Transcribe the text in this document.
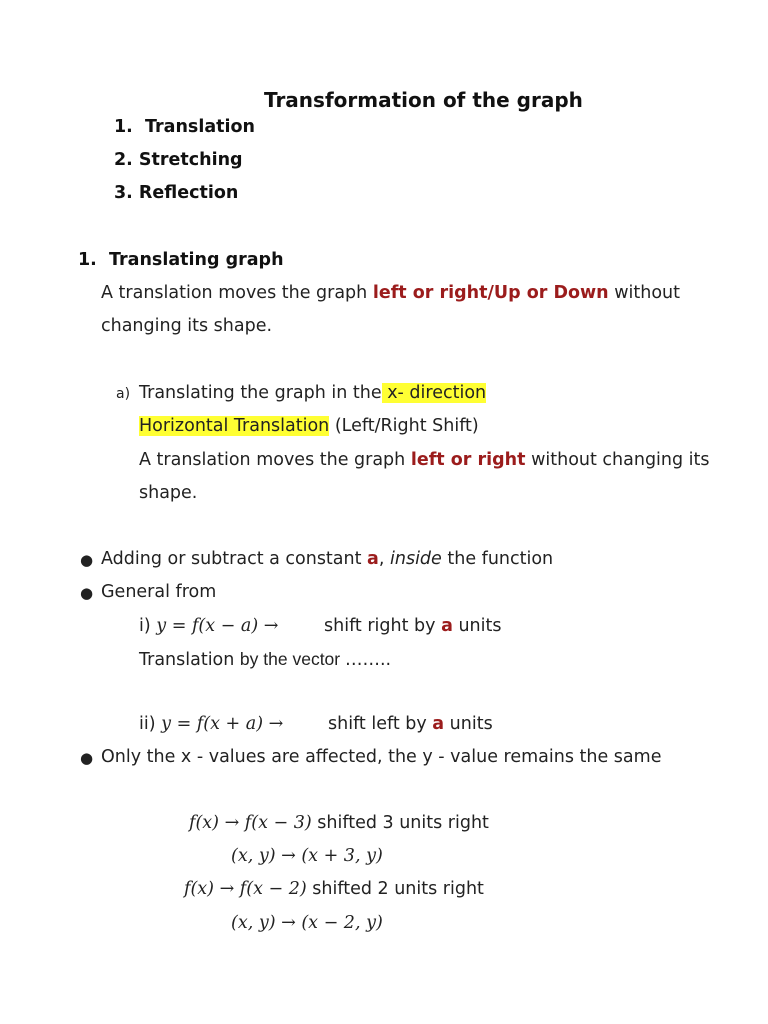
Transformation of the graph
1. Translation
2. Stretching
3. Reflection
1. Translating graph
A translation moves the graph left or right/Up or Down without
changing its shape.
a) Translating the graph in the x- direction
Horizontal Translation (Left/Right Shift)
A translation moves the graph left or right without changing its
shape.
● Adding or subtract a constant a, inside the function
● General from
i) y = f(x − a) →	shift right by a units
Translation by the vector ……..
ii) y = f(x + a) →	shift left by a units
● Only the x - values are affected, the y - value remains the same
f(x) → f(x − 3) shifted 3 units right
(x, y) → (x + 3, y)
f(x) → f(x − 2) shifted 2 units right
(x, y) → (x − 2, y)
